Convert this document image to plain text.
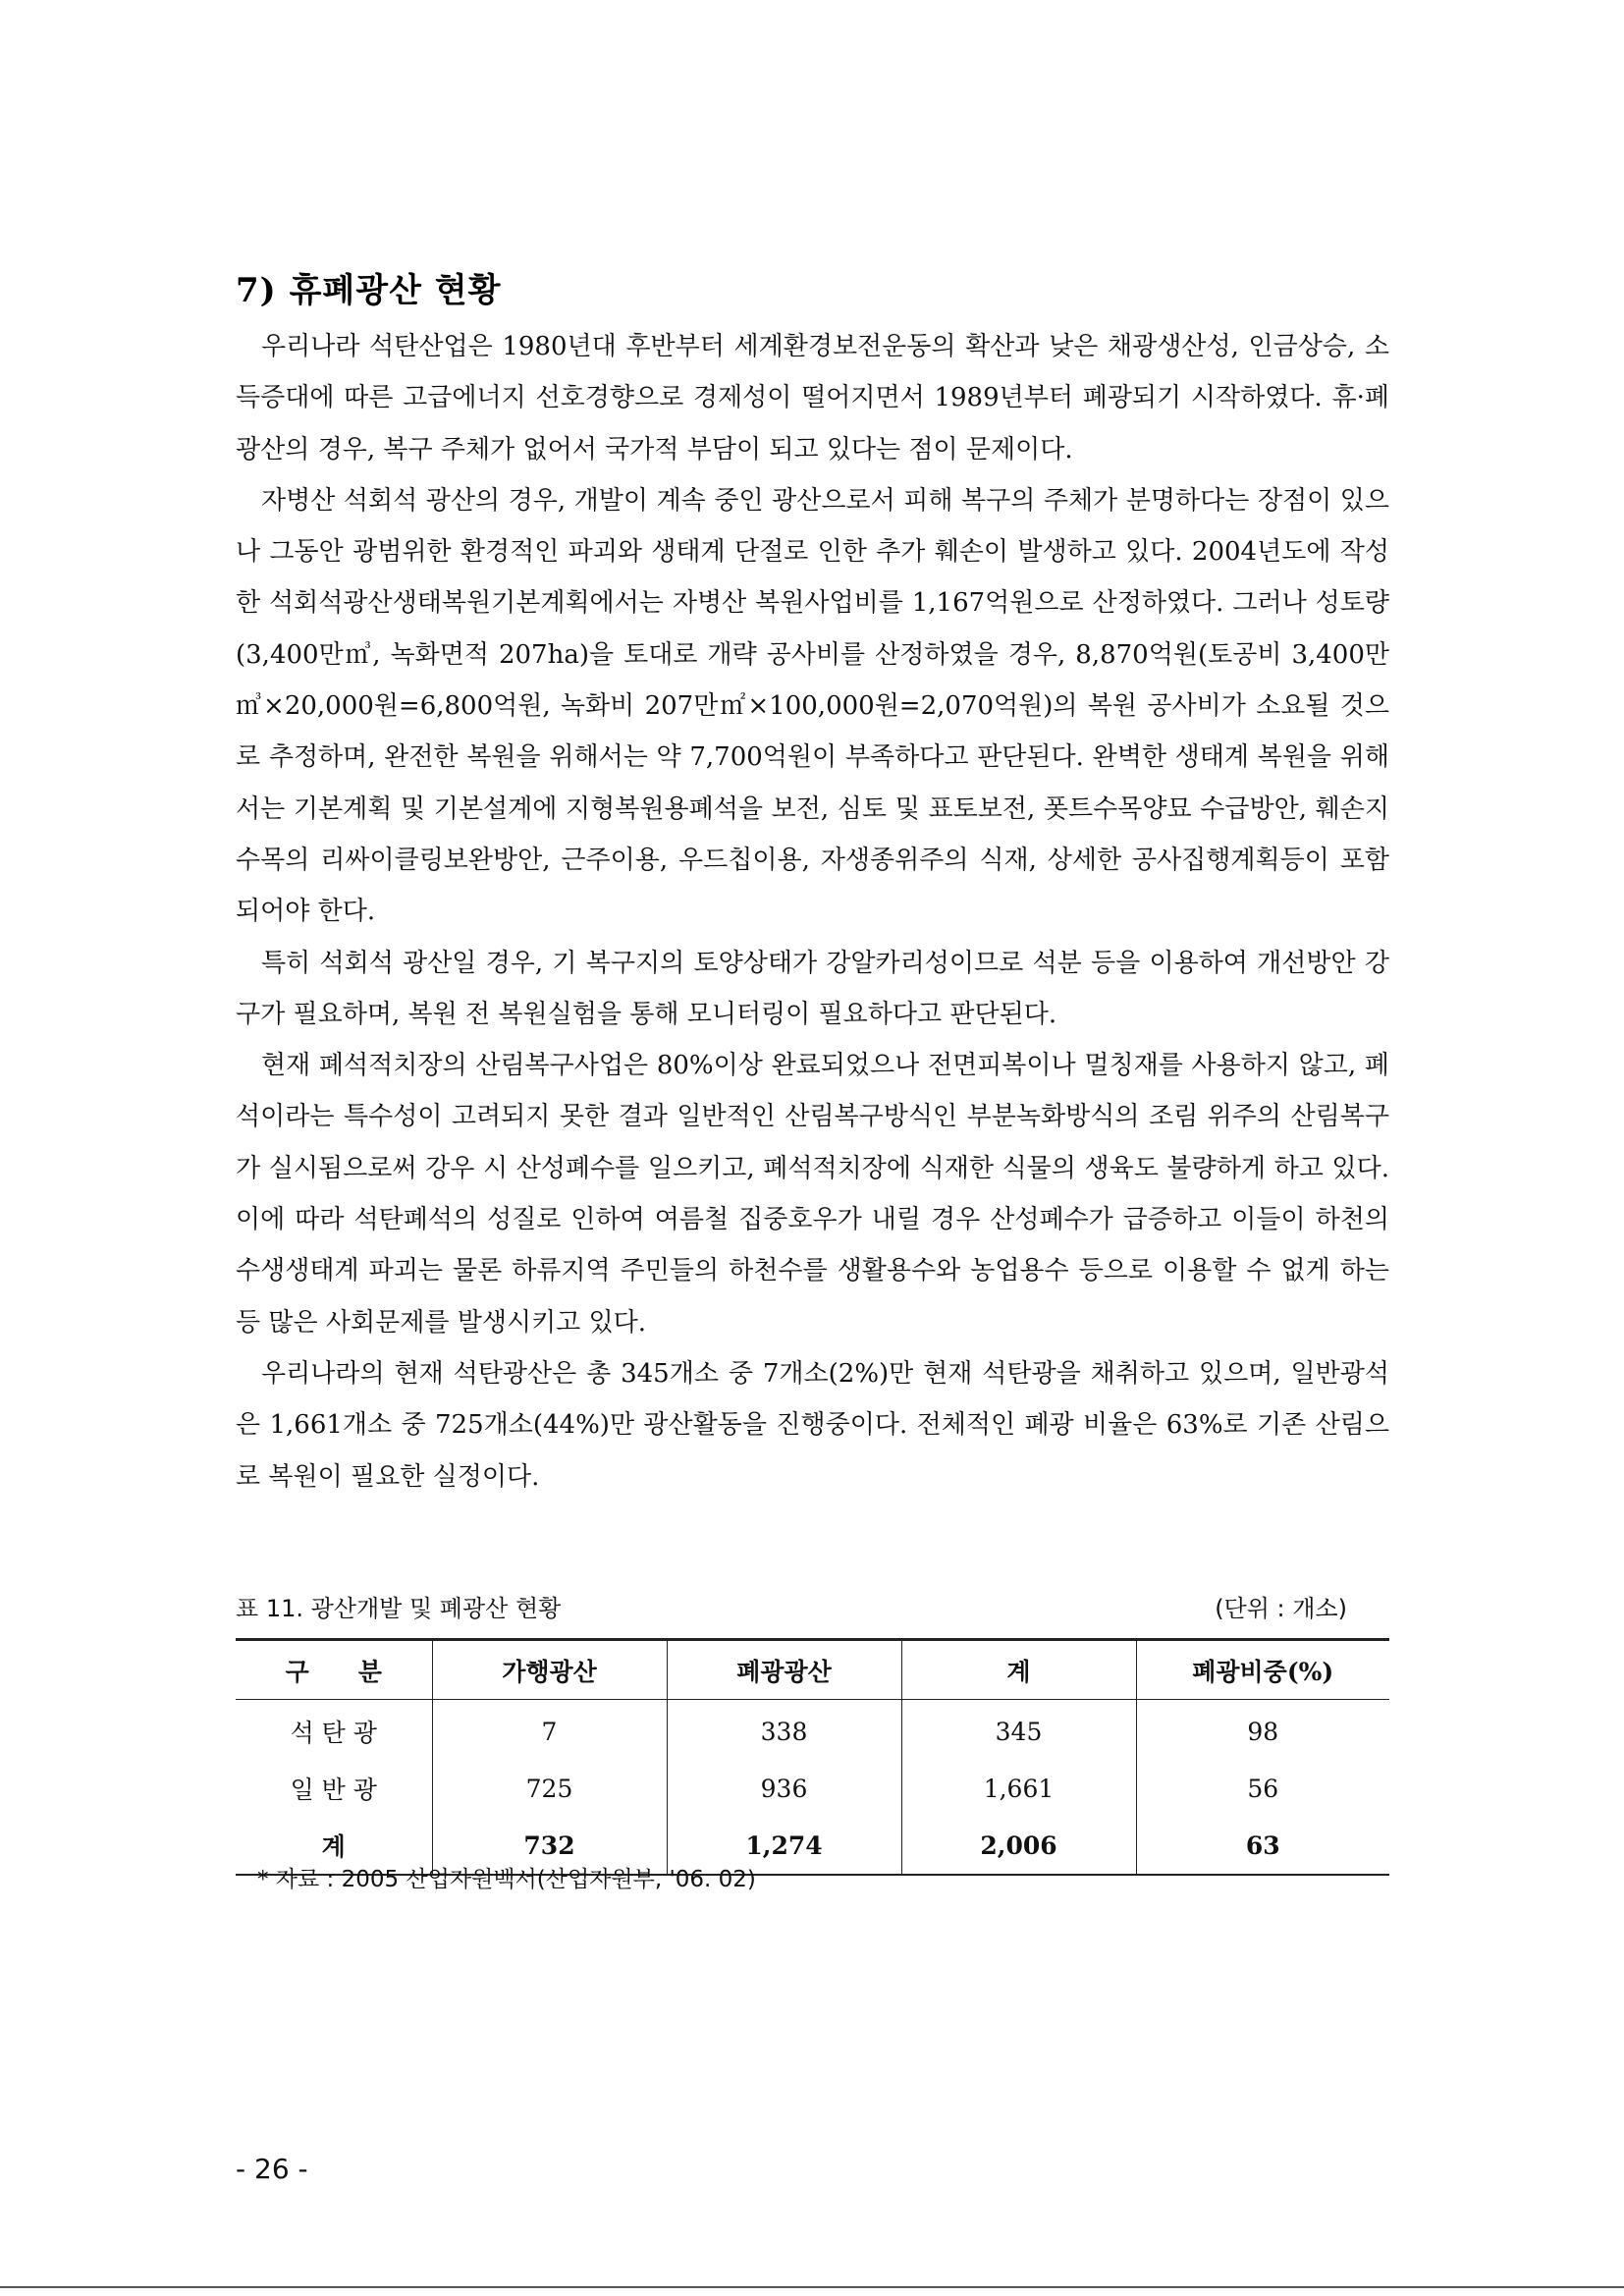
7) 휴폐광산 현황

우리나라 석탄산업은 1980년대 후반부터 세계환경보전운동의 확산과 낮은 채광생산성, 인금상승, 소득증대에 따른 고급에너지 선호경향으로 경제성이 떨어지면서 1989년부터 폐광되기 시작하였다. 휴·폐광산의 경우, 복구 주체가 없어서 국가적 부담이 되고 있다는 점이 문제이다.

자병산 석회석 광산의 경우, 개발이 계속 중인 광산으로서 피해 복구의 주체가 분명하다는 장점이 있으나 그동안 광범위한 환경적인 파괴와 생태계 단절로 인한 추가 훼손이 발생하고 있다. 2004년도에 작성한 석회석광산생태복원기본계획에서는 자병산 복원사업비를 1,167억원으로 산정하였다. 그러나 성토량(3,400만㎥, 녹화면적 207ha)을 토대로 개략 공사비를 산정하였을 경우, 8,870억원(토공비 3,400만㎥×20,000원=6,800억원, 녹화비 207만㎡×100,000원=2,070억원)의 복원 공사비가 소요될 것으로 추정하며, 완전한 복원을 위해서는 약 7,700억원이 부족하다고 판단된다. 완벽한 생태계 복원을 위해서는 기본계획 및 기본설계에 지형복원용폐석을 보전, 심토 및 표토보전, 폿트수목양묘 수급방안, 훼손지 수목의 리싸이클링보완방안, 근주이용, 우드칩이용, 자생종위주의 식재, 상세한 공사집행계획등이 포함되어야 한다.

특히 석회석 광산일 경우, 기 복구지의 토양상태가 강알카리성이므로 석분 등을 이용하여 개선방안 강구가 필요하며, 복원 전 복원실험을 통해 모니터링이 필요하다고 판단된다.

현재 폐석적치장의 산림복구사업은 80%이상 완료되었으나 전면피복이나 멀칭재를 사용하지 않고, 폐석이라는 특수성이 고려되지 못한 결과 일반적인 산림복구방식인 부분녹화방식의 조림 위주의 산림복구가 실시됨으로써 강우 시 산성폐수를 일으키고, 폐석적치장에 식재한 식물의 생육도 불량하게 하고 있다. 이에 따라 석탄폐석의 성질로 인하여 여름철 집중호우가 내릴 경우 산성폐수가 급증하고 이들이 하천의 수생생태계 파괴는 물론 하류지역 주민들의 하천수를 생활용수와 농업용수 등으로 이용할 수 없게 하는 등 많은 사회문제를 발생시키고 있다.

우리나라의 현재 석탄광산은 총 345개소 중 7개소(2%)만 현재 석탄광을 채취하고 있으며, 일반광석은 1,661개소 중 725개소(44%)만 광산활동을 진행중이다. 전체적인 폐광 비율은 63%로 기존 산림으로 복원이 필요한 실정이다.

표 11. 광산개발 및 폐광산 현황	(단위 : 개소)
구　　분	가행광산	폐광광산	계	폐광비중(%)
석 탄 광	7	338	345	98
일 반 광	725	936	1,661	56
계	732	1,274	2,006	63
* 자료 : 2005 산업자원백서(산업자원부, '06. 02)
- 26 -
